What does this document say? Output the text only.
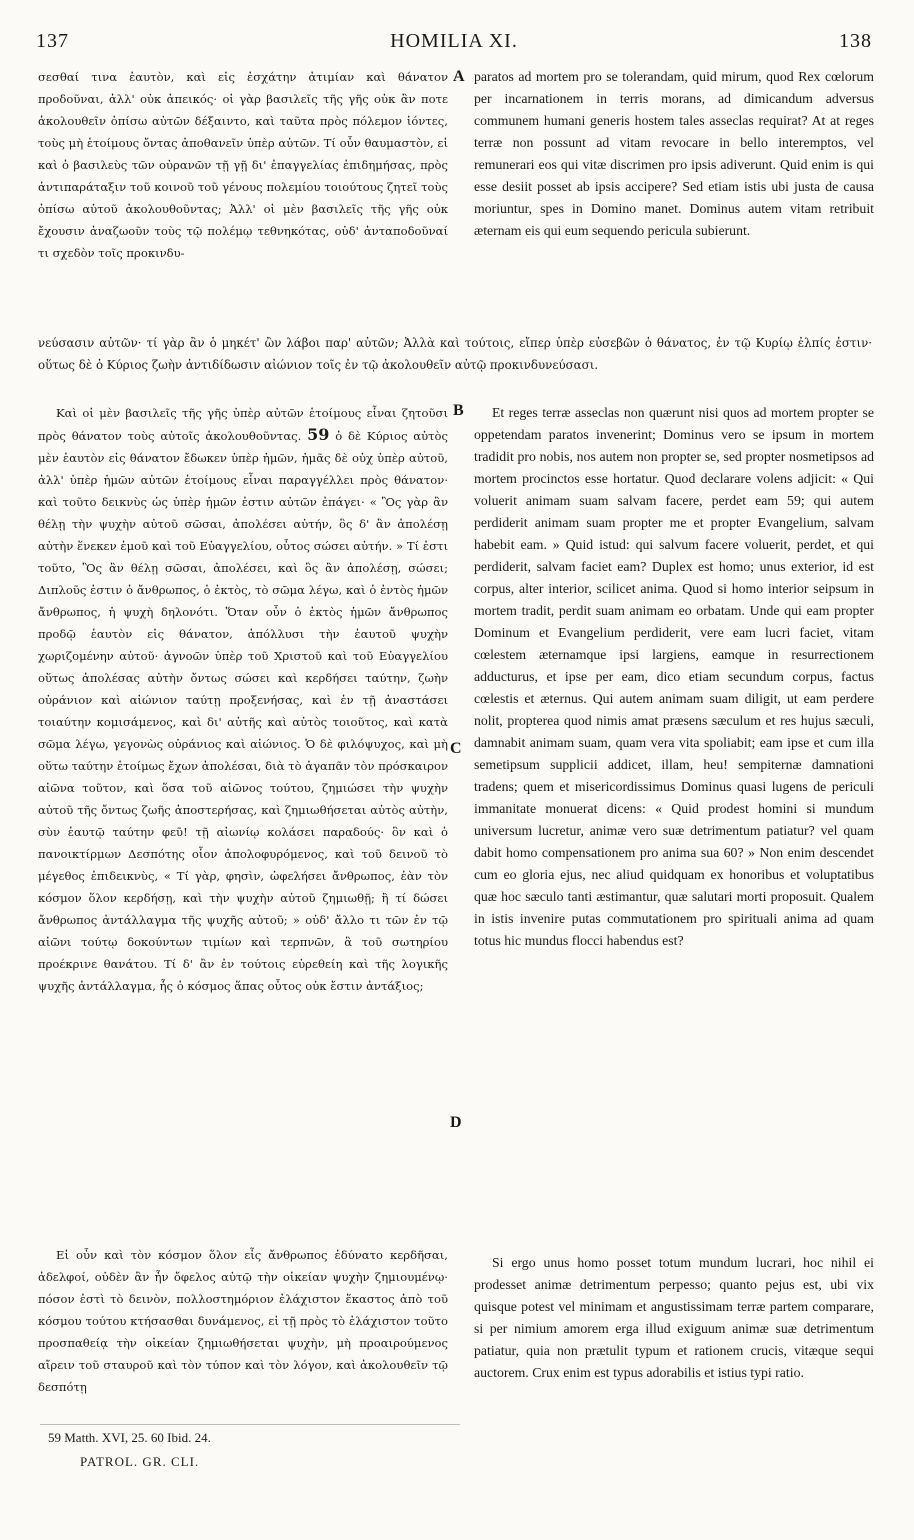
137	HOMILIA XI.	138

σεσθαί τινα ἑαυτὸν, καὶ εἰς ἐσχάτην ἀτιμίαν καὶ θάνατον προδοῦναι, ἀλλ' οὐκ ἀπεικός· οἱ γὰρ βασιλεῖς τῆς γῆς οὐκ ἂν ποτε ἀκολουθεῖν ὀπίσω αὐτῶν δέξαιντο, καὶ ταῦτα πρὸς πόλεμον ἰόντες, τοὺς μὴ ἑτοίμους ὄντας ἀποθανεῖν ὑπὲρ αὐτῶν. Τί οὖν θαυμαστὸν, εἰ καὶ ὁ βασιλεὺς τῶν οὐρανῶν τῇ γῇ δι' ἐπαγγελίας ἐπιδημήσας, πρὸς ἀντιπαράταξιν τοῦ κοινοῦ τοῦ γένους πολεμίου τοιούτους ζητεῖ τοὺς ὀπίσω αὐτοῦ ἀκολουθοῦντας; Ἀλλ' οἱ μὲν βασιλεῖς τῆς γῆς οὐκ ἔχουσιν ἀναζωοῦν τοὺς τῷ πολέμῳ τεθνηκότας, οὐδ' ἀνταποδοῦναί τι σχεδὸν τοῖς προκινδυ-

paratos ad mortem pro se tolerandam, quid mirum, quod Rex cœlorum per incarnationem in terris morans, ad dimicandum adversus communem humani generis hostem tales asseclas requirat? At at reges terræ non possunt ad vitam revocare in bello interemptos, vel remunerari eos qui vitæ discrimen pro ipsis adiverunt. Quid enim is qui esse desiit posset ab ipsis accipere? Sed etiam istis ubi justa de causa moriuntur, spes in Domino manet. Dominus autem vitam retribuit æternam eis qui eum sequendo pericula subierunt.

νεύσασιν αὐτῶν· τί γὰρ ἂν ὁ μηκέτ' ὢν λάβοι παρ' αὐτῶν; Ἀλλὰ καὶ τούτοις, εἴπερ ὑπὲρ εὐσεβῶν ὁ θάνατος, ἐν τῷ Κυρίῳ ἐλπίς ἐστιν· οὕτως δὲ ὁ Κύριος ζωὴν ἀντιδίδωσιν αἰώνιον τοῖς ἐν τῷ ἀκολουθεῖν αὐτῷ προκινδυνεύσασι.

Καὶ οἱ μὲν βασιλεῖς τῆς γῆς ὑπὲρ αὐτῶν ἑτοίμους εἶναι ζητοῦσι πρὸς θάνατον τοὺς αὐτοῖς ἀκολουθοῦντας. 59 ὁ δὲ Κύριος αὐτὸς μὲν ἑαυτὸν εἰς θάνατον ἔδωκεν ὑπὲρ ἡμῶν, ἡμᾶς δὲ οὐχ ὑπὲρ αὐτοῦ, ἀλλ' ὑπὲρ ἡμῶν αὐτῶν ἑτοίμους εἶναι παραγγέλλει πρὸς θάνατον· καὶ τοῦτο δεικνὺς ὡς ὑπὲρ ἡμῶν ἐστιν αὐτῶν ἐπάγει· « Ὃς γὰρ ἂν θέλῃ τὴν ψυχὴν αὐτοῦ σῶσαι, ἀπολέσει αὐτήν, ὃς δ' ἂν ἀπολέσῃ αὐτὴν ἕνεκεν ἐμοῦ καὶ τοῦ Εὐαγγελίου, οὗτος σώσει αὐτήν. » Τί ἐστι τοῦτο, Ὃς ἂν θέλῃ σῶσαι, ἀπολέσει, καὶ ὃς ἂν ἀπολέσῃ, σώσει; Διπλοῦς ἐστιν ὁ ἄνθρωπος, ὁ ἐκτὸς, τὸ σῶμα λέγω, καὶ ὁ ἐντὸς ἡμῶν ἄνθρωπος, ἡ ψυχὴ δηλονότι. Ὅταν οὖν ὁ ἐκτὸς ἡμῶν ἄνθρωπος προδῷ ἑαυτὸν εἰς θάνατον, ἀπόλλυσι τὴν ἑαυτοῦ ψυχὴν χωριζομένην αὐτοῦ· ἀγνοῶν ὑπὲρ τοῦ Χριστοῦ καὶ τοῦ Εὐαγγελίου οὕτως ἀπολέσας αὐτὴν ὄντως σώσει καὶ κερδήσει ταύτην, ζωὴν οὐράνιον καὶ αἰώνιον ταύτῃ προξενήσας, καὶ ἐν τῇ ἀναστάσει τοιαύτην κομισάμενος, καὶ δι' αὐτῆς καὶ αὐτὸς τοιοῦτος, καὶ κατὰ σῶμα λέγω, γεγονὼς οὐράνιος καὶ αἰώνιος. Ὁ δὲ φιλόψυχος, καὶ μὴ οὕτω ταύτην ἑτοίμως ἔχων ἀπολέσαι, διὰ τὸ ἀγαπᾶν τὸν πρόσκαιρον αἰῶνα τοῦτον, καὶ ὅσα τοῦ αἰῶνος τούτου, ζημιώσει τὴν ψυχὴν αὐτοῦ τῆς ὄντως ζωῆς ἀποστερήσας, καὶ ζημιωθήσεται αὐτὸς αὐτὴν, σὺν ἑαυτῷ ταύτην φεῦ! τῇ αἰωνίῳ κολάσει παραδούς· ὃν καὶ ὁ πανοικτίρμων Δεσπότης οἷον ἀπολοφυρόμενος, καὶ τοῦ δεινοῦ τὸ μέγεθος ἐπιδεικνὺς, « Τί γὰρ, φησὶν, ὠφελήσει ἄνθρωπος, ἐὰν τὸν κόσμον ὅλον κερδήσῃ, καὶ τὴν ψυχὴν αὐτοῦ ζημιωθῇ; ἢ τί δώσει ἄνθρωπος ἀντάλλαγμα τῆς ψυχῆς αὐτοῦ; » οὐδ' ἄλλο τι τῶν ἐν τῷ αἰῶνι τούτῳ δοκούντων τιμίων καὶ τερπνῶν, ἃ τοῦ σωτηρίου προέκρινε θανάτου. Τί δ' ἂν ἐν τούτοις εὑρεθείη καὶ τῆς λογικῆς ψυχῆς ἀντάλλαγμα, ἧς ὁ κόσμος ἅπας οὗτος οὐκ ἔστιν ἀντάξιος;

Εἰ οὖν καὶ τὸν κόσμον ὅλον εἷς ἄνθρωπος ἐδύνατο κερδῆσαι, ἀδελφοί, οὐδὲν ἂν ἦν ὄφελος αὐτῷ τὴν οἰκείαν ψυχὴν ζημιουμένῳ· πόσον ἐστὶ τὸ δεινὸν, πολλοστημόριον ἐλάχιστον ἕκαστος ἀπὸ τοῦ κόσμου τούτου κτήσασθαι δυνάμενος, εἰ τῇ πρὸς τὸ ἐλάχιστον τοῦτο προσπαθείᾳ τὴν οἰκείαν ζημιωθήσεται ψυχὴν, μὴ προαιρούμενος αἴρειν τοῦ σταυροῦ καὶ τὸν τύπον καὶ τὸν λόγον, καὶ ἀκολουθεῖν τῷ δεσπότῃ

Et reges terræ asseclas non quærunt nisi quos ad mortem propter se oppetendam paratos invenerint; Dominus vero se ipsum in mortem tradidit pro nobis, nos autem non propter se, sed propter nosmetipsos ad mortem procinctos esse hortatur. Quod declarare volens adjicit: « Qui voluerit animam suam salvam facere, perdet eam 59; qui autem perdiderit animam suam propter me et propter Evangelium, salvam habebit eam. » Quid istud: qui salvum facere voluerit, perdet, et qui perdiderit, salvam faciet eam? Duplex est homo; unus exterior, id est corpus, alter interior, scilicet anima. Quod si homo interior seipsum in mortem tradit, perdit suam animam eo orbatam. Unde qui eam propter Dominum et Evangelium perdiderit, vere eam lucri faciet, vitam cœlestem æternamque ipsi largiens, eamque in resurrectionem adducturus, et ipse per eam, dico etiam secundum corpus, factus cœlestis et æternus. Qui autem animam suam diligit, ut eam perdere nolit, propterea quod nimis amat præsens sæculum et res hujus sæculi, damnabit animam suam, quam vera vita spoliabit; eam ipse et cum illa semetipsum supplicii addicet, illam, heu! sempiternæ damnationi tradens; quem et misericordissimus Dominus quasi lugens de periculi immanitate monuerat dicens: « Quid prodest homini si mundum universum lucretur, animæ vero suæ detrimentum patiatur? vel quam dabit homo compensationem pro anima sua 60? » Non enim descendet cum eo gloria ejus, nec aliud quidquam ex honoribus et voluptatibus quæ hoc sæculo tanti æstimantur, quæ salutari morti proposuit. Qualem in istis invenire putas commutationem pro spirituali anima ad quam totus hic mundus flocci habendus est?

Si ergo unus homo posset totum mundum lucrari, hoc nihil ei prodesset animæ detrimentum perpesso; quanto pejus est, ubi vix quisque potest vel minimam et angustissimam terræ partem comparare, si per nimium amorem erga illud exiguum animæ suæ detrimentum patiatur, quia non prætulit typum et rationem crucis, vitæque sequi auctorem. Crux enim est typus adorabilis et istius typi ratio.

A
B
C
D
59 Matth. XVI, 25. 60 Ibid. 24.
PATROL. GR. CLI.
